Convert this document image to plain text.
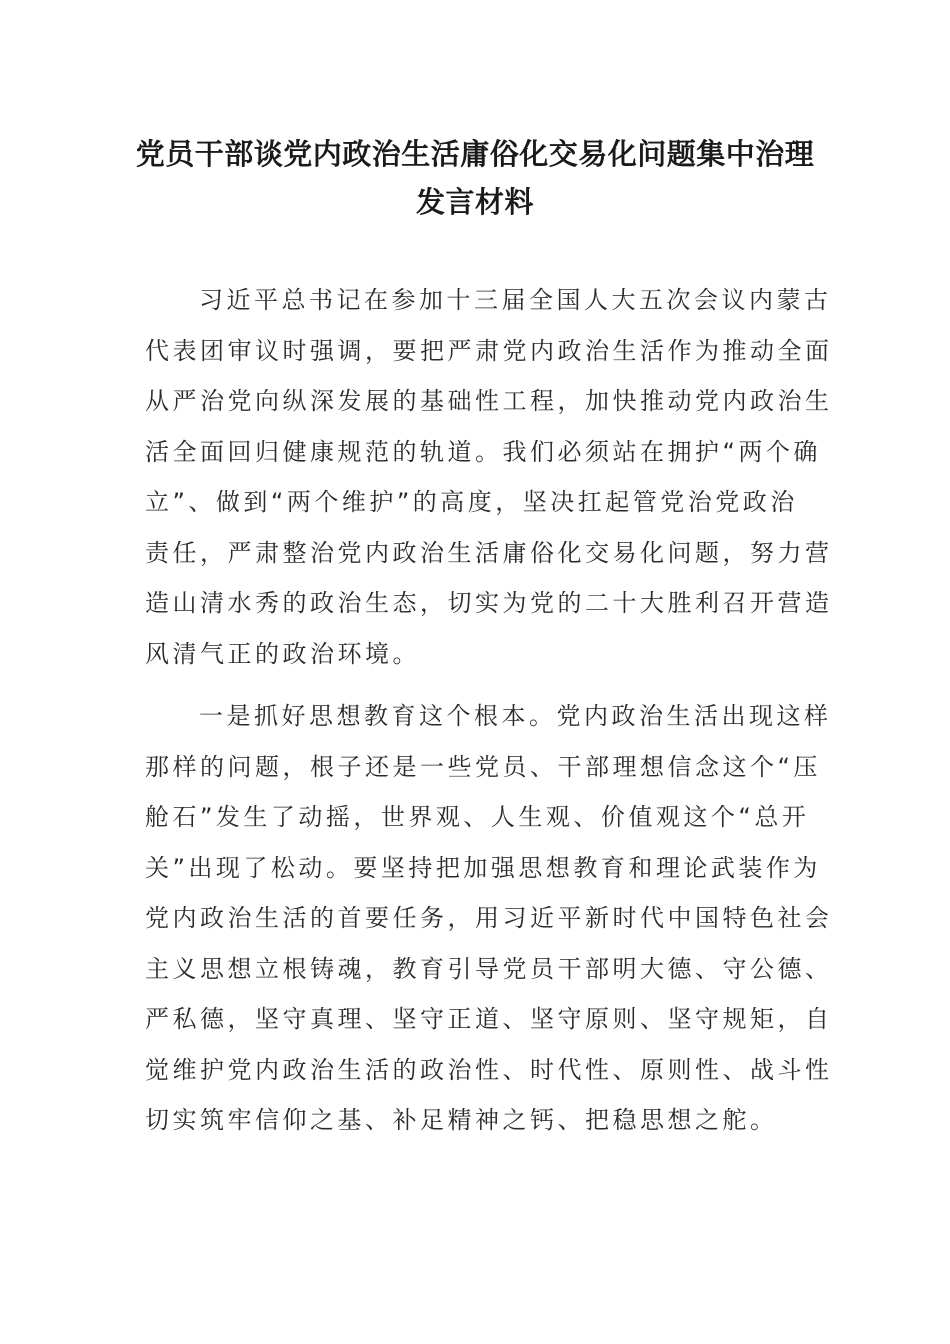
党员干部谈党内政治生活庸俗化交易化问题集中治理
发言材料
习近平总书记在参加十三届全国人大五次会议内蒙古
代表团审议时强调，要把严肃党内政治生活作为推动全面
从严治党向纵深发展的基础性工程，加快推动党内政治生
活全面回归健康规范的轨道。我们必须站在拥护“两个确
立”、做到“两个维护”的高度，坚决扛起管党治党政治
责任，严肃整治党内政治生活庸俗化交易化问题，努力营
造山清水秀的政治生态，切实为党的二十大胜利召开营造
风清气正的政治环境。
一是抓好思想教育这个根本。党内政治生活出现这样
那样的问题，根子还是一些党员、干部理想信念这个“压
舱石”发生了动摇，世界观、人生观、价值观这个“总开
关”出现了松动。要坚持把加强思想教育和理论武装作为
党内政治生活的首要任务，用习近平新时代中国特色社会
主义思想立根铸魂，教育引导党员干部明大德、守公德、
严私德，坚守真理、坚守正道、坚守原则、坚守规矩，自
觉维护党内政治生活的政治性、时代性、原则性、战斗性
切实筑牢信仰之基、补足精神之钙、把稳思想之舵。
